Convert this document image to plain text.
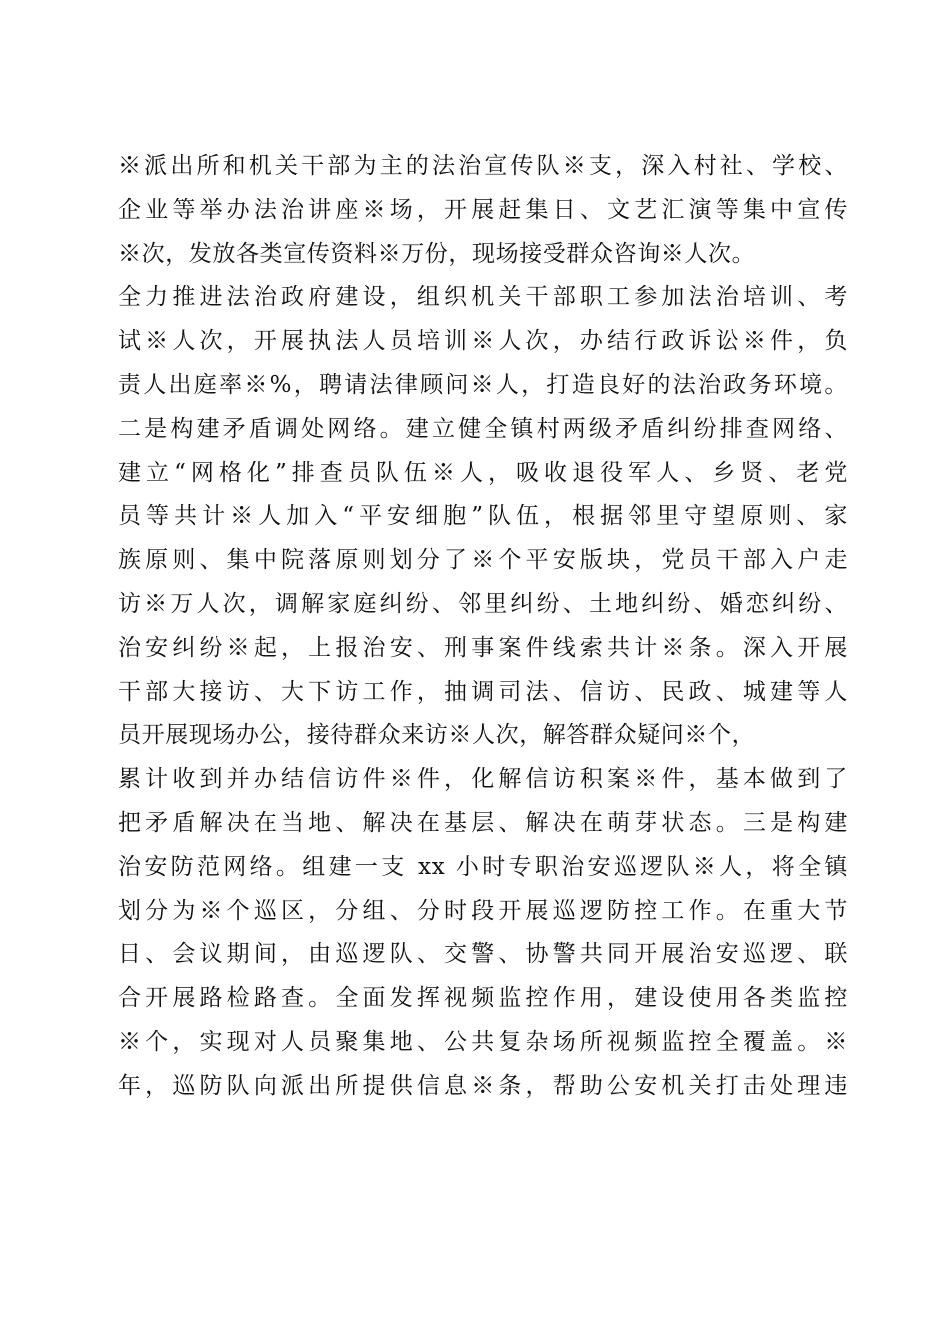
※派出所和机关干部为主的法治宣传队※支，深入村社、学校、
企业等举办法治讲座※场，开展赶集日、文艺汇演等集中宣传
※次，发放各类宣传资料※万份，现场接受群众咨询※人次。
全力推进法治政府建设，组织机关干部职工参加法治培训、考
试※人次，开展执法人员培训※人次，办结行政诉讼※件，负
责人出庭率※%，聘请法律顾问※人，打造良好的法治政务环境。
二是构建矛盾调处网络。建立健全镇村两级矛盾纠纷排查网络、
建立“网格化”排查员队伍※人，吸收退役军人、乡贤、老党
员等共计※人加入“平安细胞”队伍，根据邻里守望原则、家
族原则、集中院落原则划分了※个平安版块，党员干部入户走
访※万人次，调解家庭纠纷、邻里纠纷、土地纠纷、婚恋纠纷、
治安纠纷※起，上报治安、刑事案件线索共计※条。深入开展
干部大接访、大下访工作，抽调司法、信访、民政、城建等人
员开展现场办公，接待群众来访※人次，解答群众疑问※个，
累计收到并办结信访件※件，化解信访积案※件，基本做到了
把矛盾解决在当地、解决在基层、解决在萌芽状态。三是构建
治安防范网络。组建一支 xx 小时专职治安巡逻队※人，将全镇
划分为※个巡区，分组、分时段开展巡逻防控工作。在重大节
日、会议期间，由巡逻队、交警、协警共同开展治安巡逻、联
合开展路检路查。全面发挥视频监控作用，建设使用各类监控
※个，实现对人员聚集地、公共复杂场所视频监控全覆盖。※
年，巡防队向派出所提供信息※条，帮助公安机关打击处理违
